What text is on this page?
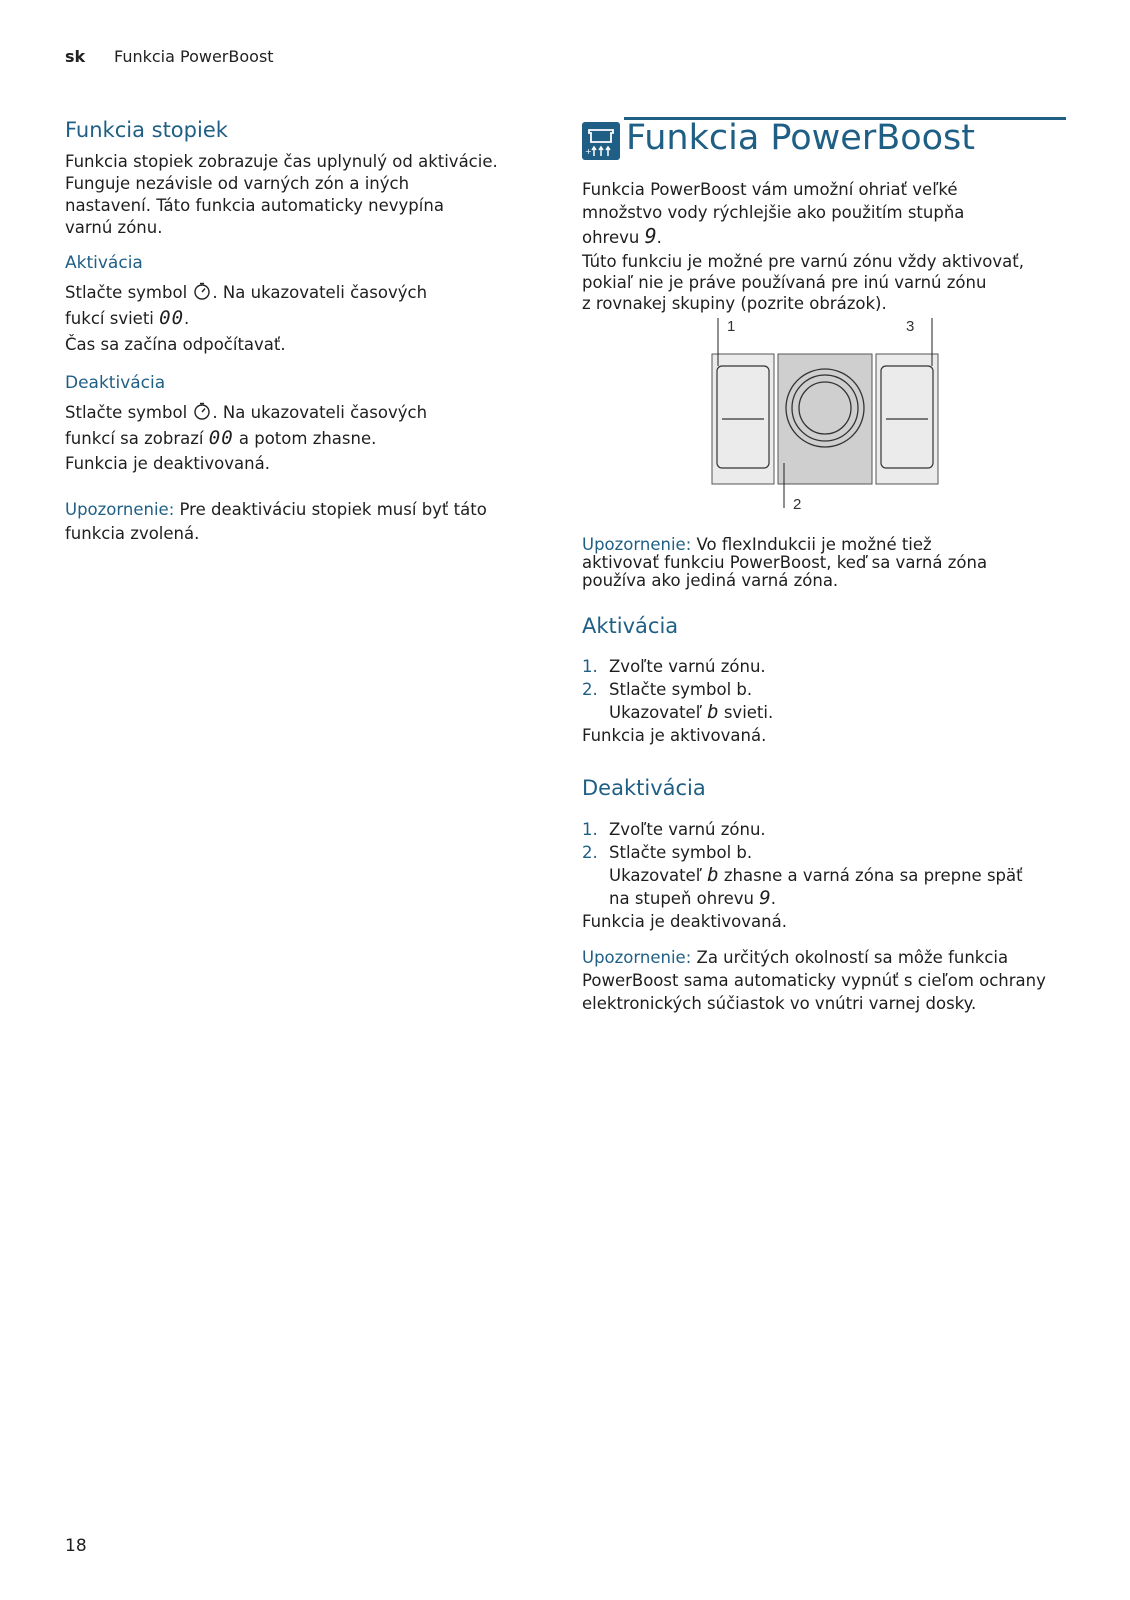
sk Funkcia PowerBoost
Funkcia stopiek

Funkcia stopiek zobrazuje čas uplynulý od aktivácie.

Funguje nezávisle od varných zón a iných

nastavení. Táto funkcia automaticky nevypína

varnú zónu.

Aktivácia

Stlačte symbol . Na ukazovateli časových

fukcí svieti 00.

Čas sa začína odpočítavať.

Deaktivácia

Stlačte symbol . Na ukazovateli časových

funkcí sa zobrazí 00 a potom zhasne.

Funkcia je deaktivovaná.

Upozornenie: Pre deaktiváciu stopiek musí byť táto

funkcia zvolená.

+ Funkcia PowerBoost

Funkcia PowerBoost vám umožní ohriať veľké

množstvo vody rýchlejšie ako použitím stupňa

ohrevu 9.

Túto funkciu je možné pre varnú zónu vždy aktivovať,

pokiaľ nie je práve používaná pre inú varnú zónu

z rovnakej skupiny (pozrite obrázok).

1
2
3

Upozornenie: Vo flexIndukcii je možné tiež

aktivovať funkciu PowerBoost, keď sa varná zóna

používa ako jediná varná zóna.

Aktivácia
1. Zvoľte varnú zónu.
2. Stlačte symbol b.
Ukazovateľ b svieti.
Funkcia je aktivovaná.
Deaktivácia
1. Zvoľte varnú zónu.
2. Stlačte symbol b.
Ukazovateľ b zhasne a varná zóna sa prepne späť
na stupeň ohrevu 9.
Funkcia je deaktivovaná.

Upozornenie: Za určitých okolností sa môže funkcia

PowerBoost sama automaticky vypnúť s cieľom ochrany

elektronických súčiastok vo vnútri varnej dosky.

18
